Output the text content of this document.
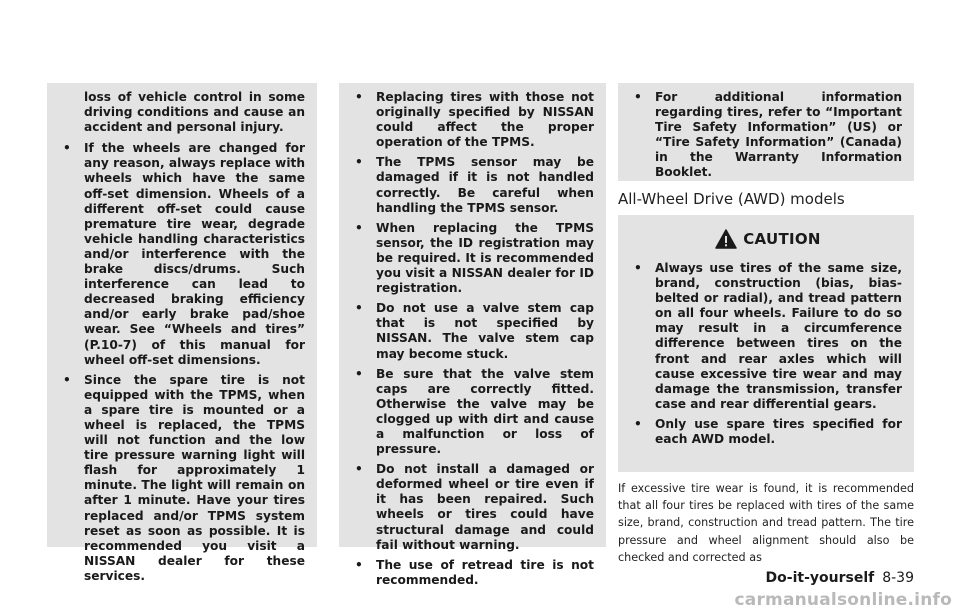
loss of vehicle control in some driving conditions and cause an accident and personal injury.
• If the wheels are changed for any reason, always replace with wheels which have the same off-set dimension. Wheels of a different off-set could cause premature tire wear, degrade vehicle handling characteristics and/or interference with the brake discs/drums. Such interference can lead to decreased braking efficiency and/or early brake pad/shoe wear. See “Wheels and tires” (P.10-7) of this manual for wheel off-set dimensions.
• Since the spare tire is not equipped with the TPMS, when a spare tire is mounted or a wheel is replaced, the TPMS will not function and the low tire pressure warning light will flash for approximately 1 minute. The light will remain on after 1 minute. Have your tires replaced and/or TPMS system reset as soon as possible. It is recommended you visit a NISSAN dealer for these services.
• Replacing tires with those not originally specified by NISSAN could affect the proper operation of the TPMS.
• The TPMS sensor may be damaged if it is not handled correctly. Be careful when handling the TPMS sensor.
• When replacing the TPMS sensor, the ID registration may be required. It is recommended you visit a NISSAN dealer for ID registration.
• Do not use a valve stem cap that is not specified by NISSAN. The valve stem cap may become stuck.
• Be sure that the valve stem caps are correctly fitted. Otherwise the valve may be clogged up with dirt and cause a malfunction or loss of pressure.
• Do not install a damaged or deformed wheel or tire even if it has been repaired. Such wheels or tires could have structural damage and could fail without warning.
• The use of retread tire is not recommended.
• For additional information regarding tires, refer to “Important Tire Safety Information” (US) or “Tire Safety Information” (Canada) in the Warranty Information Booklet.
All-Wheel Drive (AWD) models
CAUTION
• Always use tires of the same size, brand, construction (bias, bias-belted or radial), and tread pattern on all four wheels. Failure to do so may result in a circumference difference between tires on the front and rear axles which will cause excessive tire wear and may damage the transmission, transfer case and rear differential gears.
• Only use spare tires specified for each AWD model.
If excessive tire wear is found, it is recommended that all four tires be replaced with tires of the same size, brand, construction and tread pattern. The tire pressure and wheel alignment should also be checked and corrected as
Do-it-yourself 8-39
carmanualsonline.info
